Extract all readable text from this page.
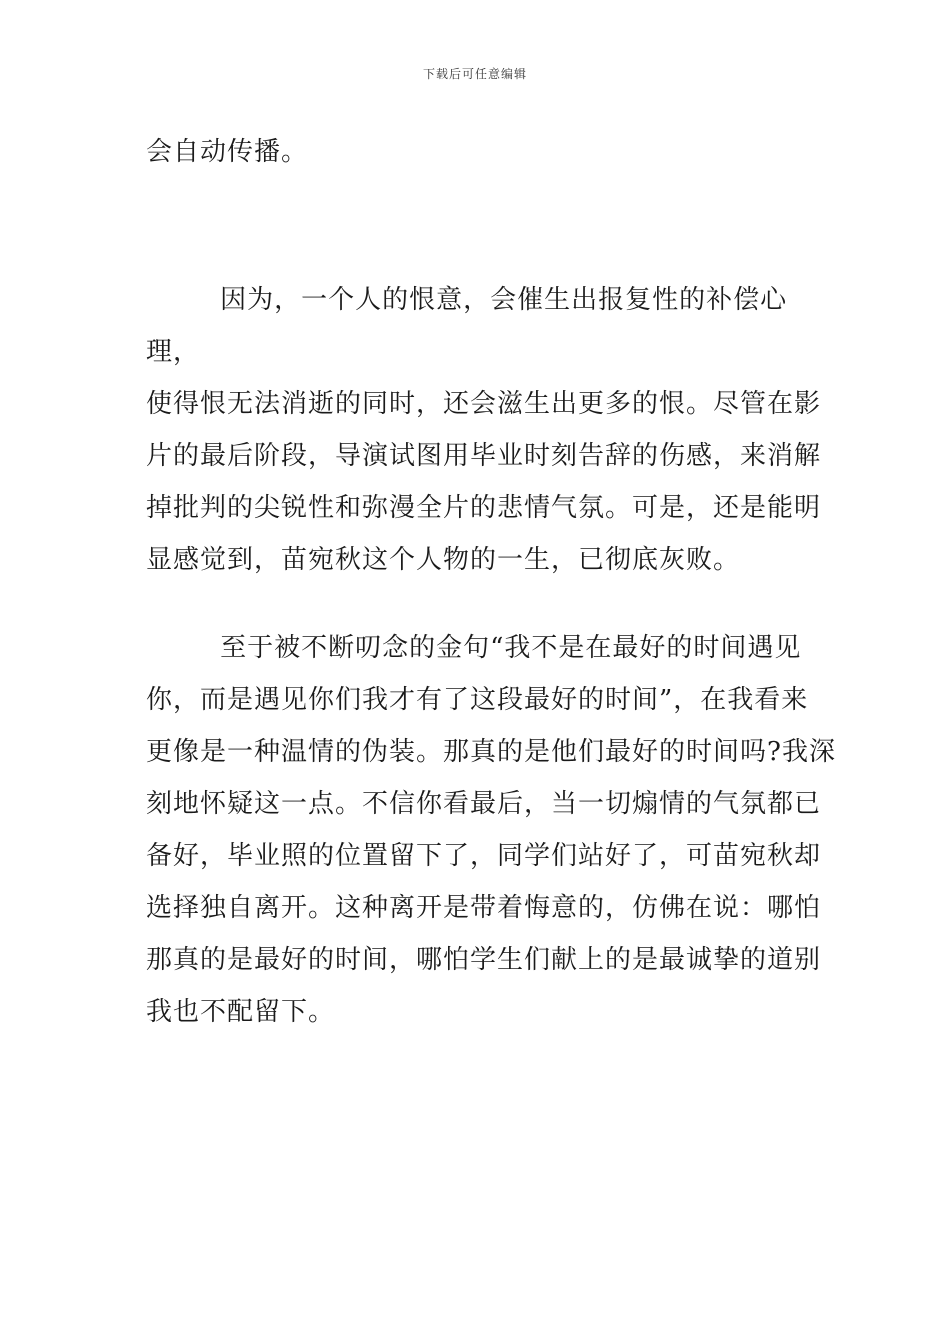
下载后可任意编辑

会自动传播。

因为，一个人的恨意，会催生出报复性的补偿心理，
使得恨无法消逝的同时，还会滋生出更多的恨。尽管在影
片的最后阶段，导演试图用毕业时刻告辞的伤感，来消解
掉批判的尖锐性和弥漫全片的悲情气氛。可是，还是能明
显感觉到，苗宛秋这个人物的一生，已彻底灰败。

至于被不断叨念的金句“我不是在最好的时间遇见
你，而是遇见你们我才有了这段最好的时间”，在我看来
更像是一种温情的伪装。那真的是他们最好的时间吗?我深
刻地怀疑这一点。不信你看最后，当一切煽情的气氛都已
备好，毕业照的位置留下了，同学们站好了，可苗宛秋却
选择独自离开。这种离开是带着悔意的，仿佛在说：哪怕
那真的是最好的时间，哪怕学生们献上的是最诚挚的道别
我也不配留下。
